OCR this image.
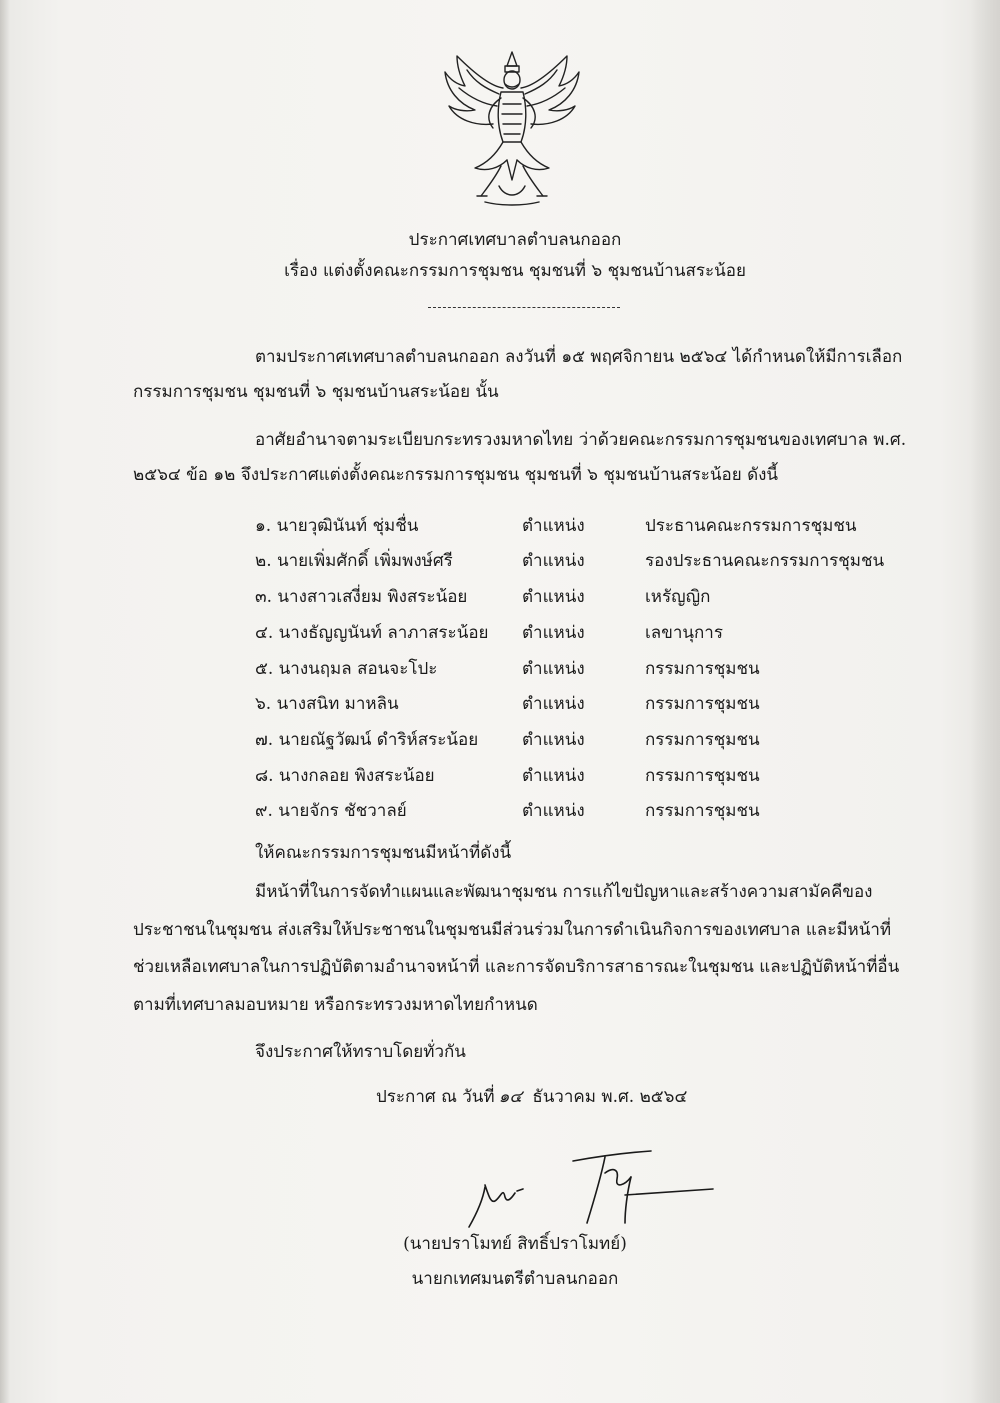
ประกาศเทศบาลตำบลนกออก
เรื่อง แต่งตั้งคณะกรรมการชุมชน ชุมชนที่ ๖ ชุมชนบ้านสระน้อย
ตามประกาศเทศบาลตำบลนกออก ลงวันที่ ๑๕ พฤศจิกายน ๒๕๖๔ ได้กำหนดให้มีการเลือก
กรรมการชุมชน ชุมชนที่ ๖ ชุมชนบ้านสระน้อย นั้น
อาศัยอำนาจตามระเบียบกระทรวงมหาดไทย ว่าด้วยคณะกรรมการชุมชนของเทศบาล พ.ศ.
๒๕๖๔ ข้อ ๑๒ จึงประกาศแต่งตั้งคณะกรรมการชุมชน ชุมชนที่ ๖ ชุมชนบ้านสระน้อย ดังนี้
๑. นายวุฒินันท์ ชุ่มชื่น	ตำแหน่ง	ประธานคณะกรรมการชุมชน
๒. นายเพิ่มศักดิ์ เพิ่มพงษ์ศรี	ตำแหน่ง	รองประธานคณะกรรมการชุมชน
๓. นางสาวเสงี่ยม พิงสระน้อย	ตำแหน่ง	เหรัญญิก
๔. นางธัญญนันท์ ลาภาสระน้อย ตำแหน่ง	เลขานุการ
๕. นางนฤมล สอนจะโปะ	ตำแหน่ง	กรรมการชุมชน
๖. นางสนิท มาหลิน	ตำแหน่ง	กรรมการชุมชน
๗. นายณัฐวัฒน์ ดำริห์สระน้อย	ตำแหน่ง	กรรมการชุมชน
๘. นางกลอย พิงสระน้อย	ตำแหน่ง	กรรมการชุมชน
๙. นายจักร ชัชวาลย์	ตำแหน่ง	กรรมการชุมชน
ให้คณะกรรมการชุมชนมีหน้าที่ดังนี้
มีหน้าที่ในการจัดทำแผนและพัฒนาชุมชน การแก้ไขปัญหาและสร้างความสามัคคีของ
ประชาชนในชุมชน ส่งเสริมให้ประชาชนในชุมชนมีส่วนร่วมในการดำเนินกิจการของเทศบาล และมีหน้าที่
ช่วยเหลือเทศบาลในการปฏิบัติตามอำนาจหน้าที่ และการจัดบริการสาธารณะในชุมชน และปฏิบัติหน้าที่อื่น
ตามที่เทศบาลมอบหมาย หรือกระทรวงมหาดไทยกำหนด
จึงประกาศให้ทราบโดยทั่วกัน
ประกาศ ณ วันที่ ๑๔ ธันวาคม พ.ศ. ๒๕๖๔
(นายปราโมทย์ สิทธิ์ปราโมทย์)
นายกเทศมนตรีตำบลนกออก
